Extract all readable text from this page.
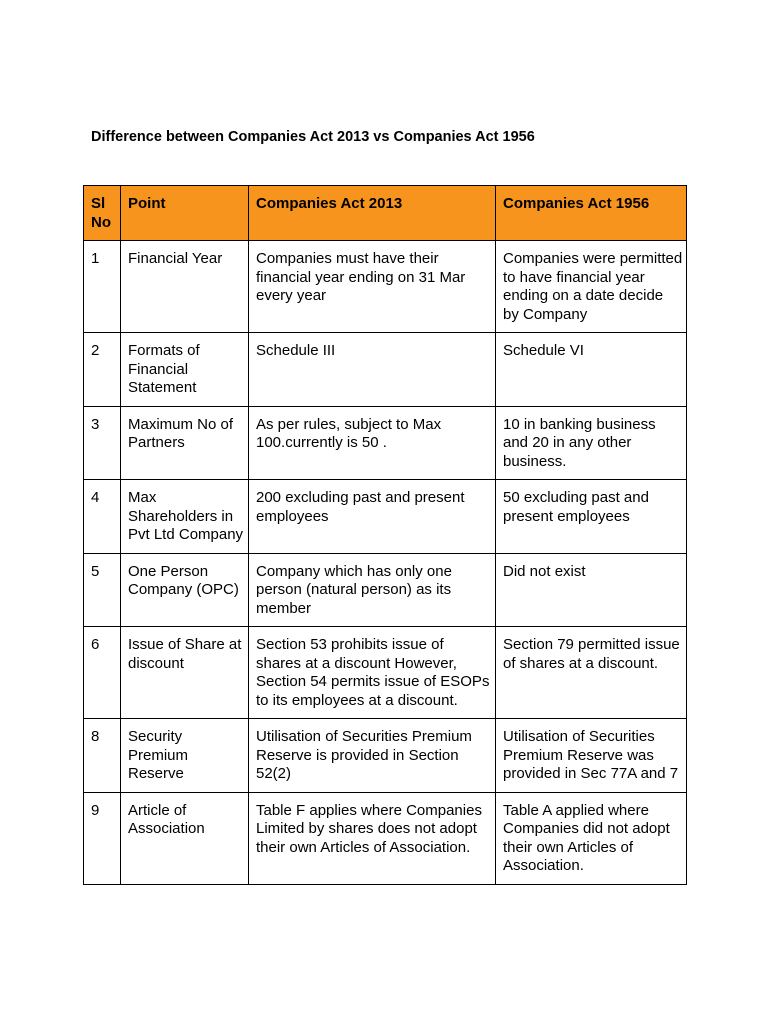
Difference between Companies Act 2013 vs Companies Act 1956
Sl No	Point	Companies Act 2013	Companies Act 1956
1	Financial Year	Companies must have their financial year ending on 31 Mar every year	Companies were permitted to have financial year ending on a date decide by Company
2	Formats of Financial Statement	Schedule III	Schedule VI
3	Maximum No of Partners	As per rules, subject to Max 100.currently is 50 .	10 in banking business and 20 in any other business.
4	Max Shareholders in Pvt Ltd Company	200 excluding past and present employees	50 excluding past and present employees
5	One Person Company (OPC)	Company which has only one person (natural person) as its member	Did not exist
6	Issue of Share at discount	Section 53 prohibits issue of shares at a discount However, Section 54 permits issue of ESOPs to its employees at a discount.	Section 79 permitted issue of shares at a discount.
8	Security Premium Reserve	Utilisation of Securities Premium Reserve is provided in Section 52(2)	Utilisation of Securities Premium Reserve was provided in Sec 77A and 7
9	Article of Association	Table F applies where Companies Limited by shares does not adopt their own Articles of Association.	Table A applied where Companies did not adopt their own Articles of Association.
